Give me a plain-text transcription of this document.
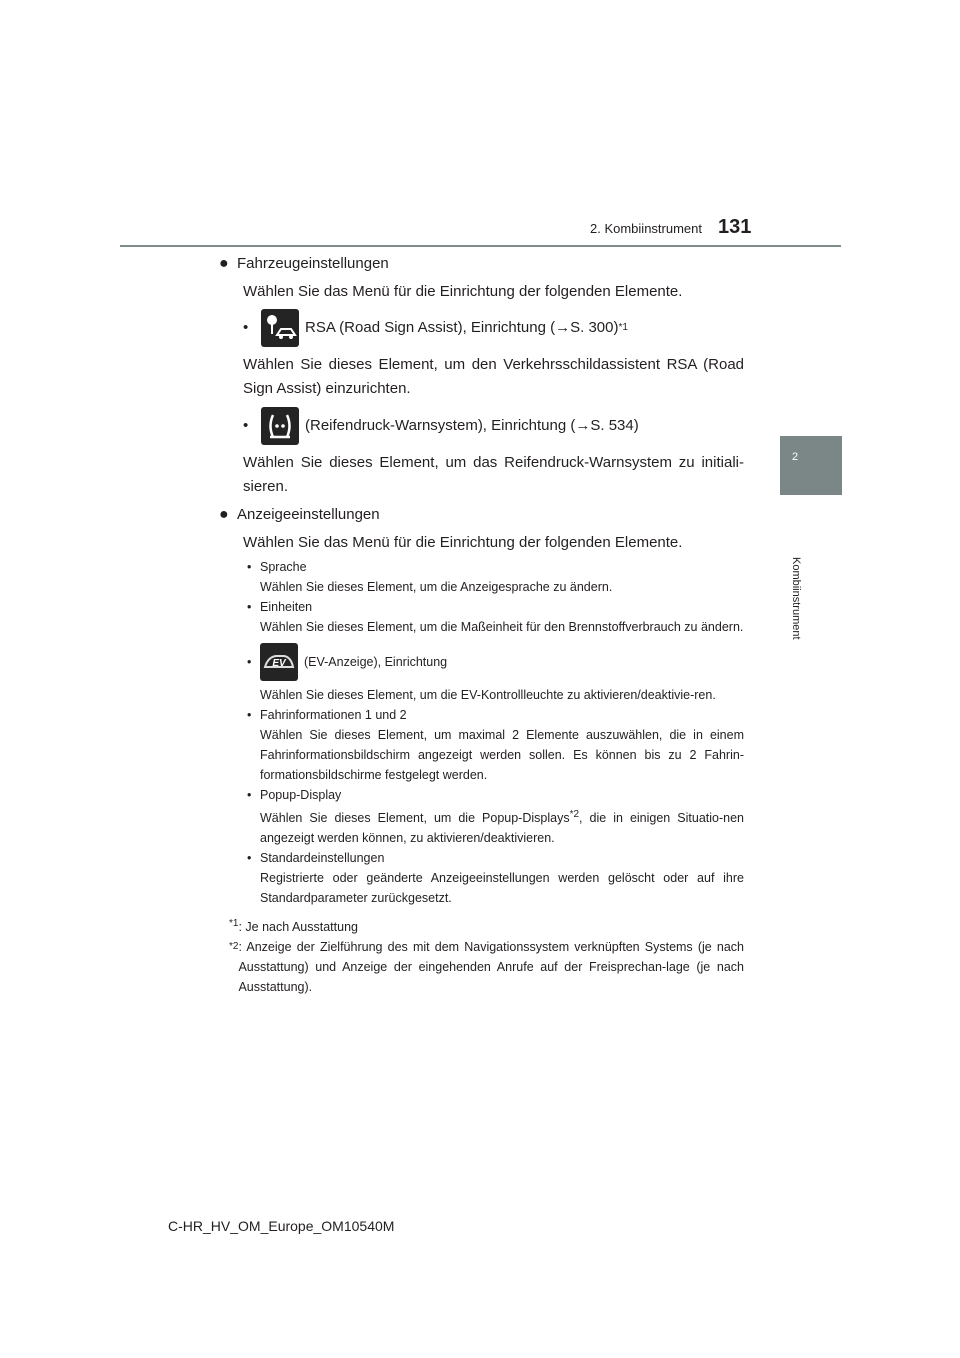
2. Kombiinstrument 131
2
Kombiinstrument
● Fahrzeugeinstellungen
Wählen Sie das Menü für die Einrichtung der folgenden Elemente.
•	RSA (Road Sign Assist), Einrichtung (→S. 300) *1
Wählen Sie dieses Element, um den Verkehrsschildassistent RSA (Road Sign Assist) einzurichten.
•	(Reifendruck-Warnsystem), Einrichtung (→S. 534)
Wählen Sie dieses Element, um das Reifendruck-Warnsystem zu initiali-sieren.
● Anzeigeeinstellungen
Wählen Sie das Menü für die Einrichtung der folgenden Elemente.
• Sprache
Wählen Sie dieses Element, um die Anzeigesprache zu ändern.
• Einheiten
Wählen Sie dieses Element, um die Maßeinheit für den Brennstoffverbrauch zu ändern.
•	EV (EV-Anzeige), Einrichtung
Wählen Sie dieses Element, um die EV-Kontrollleuchte zu aktivieren/deaktivie-ren.
• Fahrinformationen 1 und 2
Wählen Sie dieses Element, um maximal 2 Elemente auszuwählen, die in einem Fahrinformationsbildschirm angezeigt werden sollen. Es können bis zu 2 Fahrin-formationsbildschirme festgelegt werden.
• Popup-Display
Wählen Sie dieses Element, um die Popup-Displays$^{*2}$, die in einigen Situatio-nen angezeigt werden können, zu aktivieren/deaktivieren.
• Standardeinstellungen
Registrierte oder geänderte Anzeigeeinstellungen werden gelöscht oder auf ihre Standardparameter zurückgesetzt.
$^{*1}$: Je nach Ausstattung
*2 : Anzeige der Zielführung des mit dem Navigationssystem verknüpften Systems (je nach Ausstattung) und Anzeige der eingehenden Anrufe auf der Freisprechan-lage (je nach Ausstattung).
C-HR_HV_OM_Europe_OM10540M
